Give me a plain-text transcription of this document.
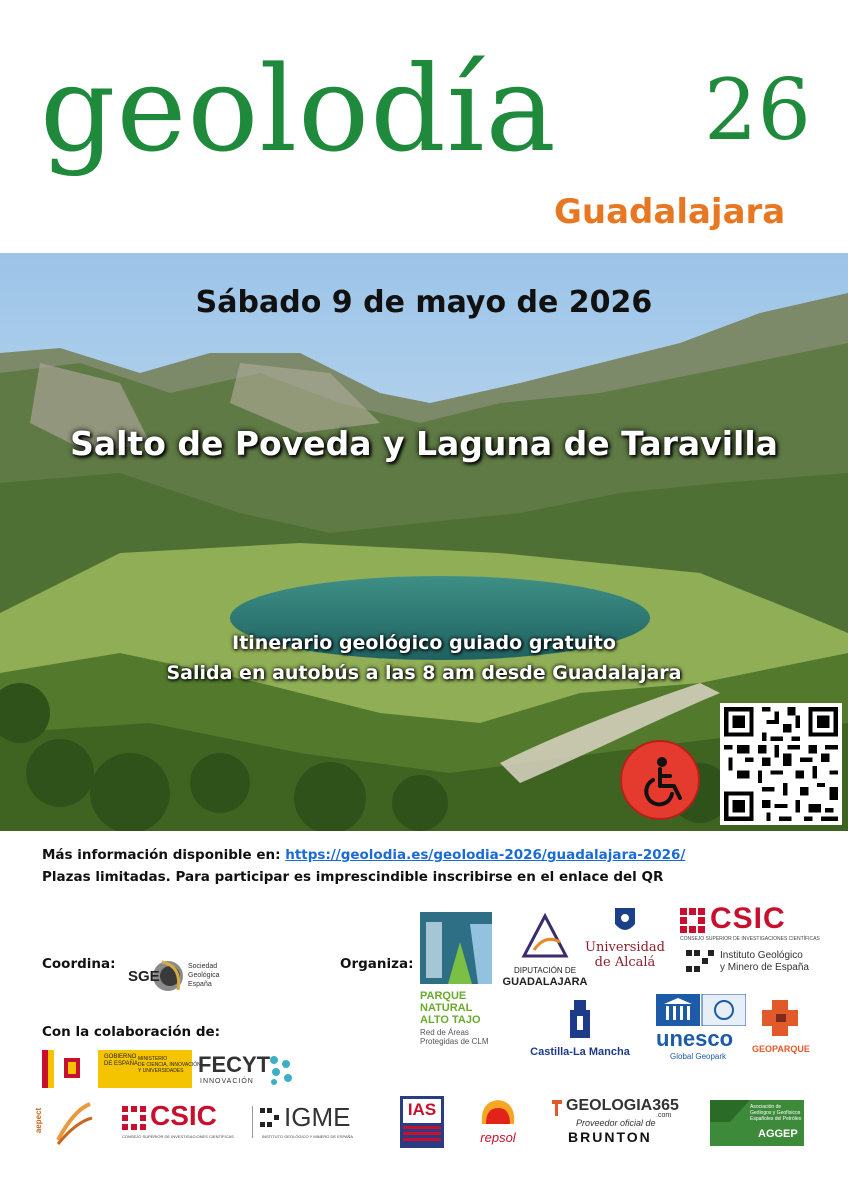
geolodía 26
Guadalajara
Sábado 9 de mayo de 2026
Salto de Poveda y Laguna de Taravilla
Itinerario geológico guiado gratuito
Salida en autobús a las 8 am desde Guadalajara
Más información disponible en: https://geolodia.es/geolodia-2026/guadalajara-2026/
Plazas limitadas. Para participar es imprescindible inscribirse en el enlace del QR
Coordina:	Organiza:
Con la colaboración de:
SGE
Sociedad
Geológica
España
PARQUE
NATURAL
ALTO TAJO
Red de Áreas
Protegidas de CLM
DIPUTACIÓN DE
GUADALAJARA
Universidad
de Alcalá
CSIC
CONSEJO SUPERIOR DE INVESTIGACIONES CIENTÍFICAS
Instituto Geológico
y Minero de España
Castilla-La Mancha
unesco
Global Geopark
GEOPARQUE
GOBIERNO
DE ESPAÑA
MINISTERIO
DE CIENCIA, INNOVACIÓN
Y UNIVERSIDADES FECYT
INNOVACIÓN
aepect	CSIC
CONSEJO SUPERIOR DE INVESTIGACIONES CIENTÍFICAS
IGME
INSTITUTO GEOLÓGICO Y MINERO DE ESPAÑA
IAS
repsol
GEOLOGIA365
.com
Proveedor oficial de
BRUNTON
Asociación de
Geólogos y Geofísicos
Españoles del Petróleo
AGGEP
